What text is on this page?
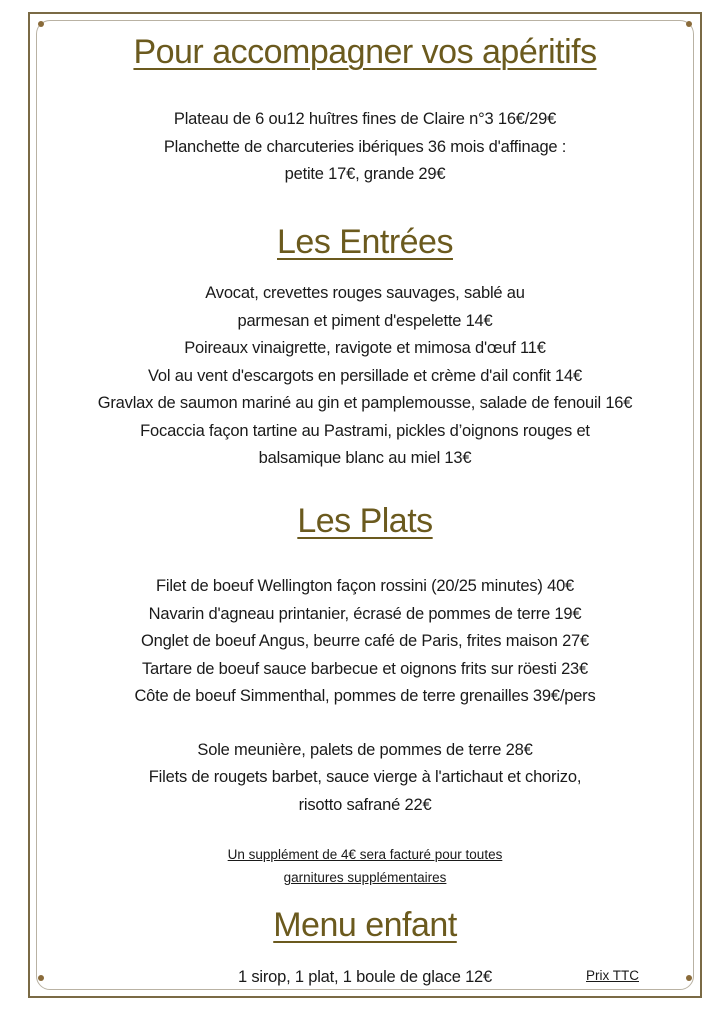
Pour accompagner vos apéritifs

Plateau de 6 ou12 huîtres fines de Claire n°3 16€/29€

Planchette de charcuteries ibériques 36 mois d'affinage :

petite 17€, grande 29€

Les Entrées

Avocat, crevettes rouges sauvages, sablé au

parmesan et piment d'espelette 14€

Poireaux vinaigrette, ravigote et mimosa d'œuf 11€

Vol au vent d'escargots en persillade et crème d'ail confit 14€

Gravlax de saumon mariné au gin et pamplemousse, salade de fenouil 16€

Focaccia façon tartine au Pastrami, pickles d’oignons rouges et

balsamique blanc au miel 13€

Les Plats

Filet de boeuf Wellington façon rossini (20/25 minutes) 40€

Navarin d'agneau printanier, écrasé de pommes de terre 19€

Onglet de boeuf Angus, beurre café de Paris, frites maison 27€

Tartare de boeuf sauce barbecue et oignons frits sur röesti 23€

Côte de boeuf Simmenthal, pommes de terre grenailles 39€/pers

Sole meunière, palets de pommes de terre 28€

Filets de rougets barbet, sauce vierge à l'artichaut et chorizo,

risotto safrané 22€

Un supplément de 4€ sera facturé pour toutes

garnitures supplémentaires

Menu enfant

1 sirop, 1 plat, 1 boule de glace 12€	Prix TTC
